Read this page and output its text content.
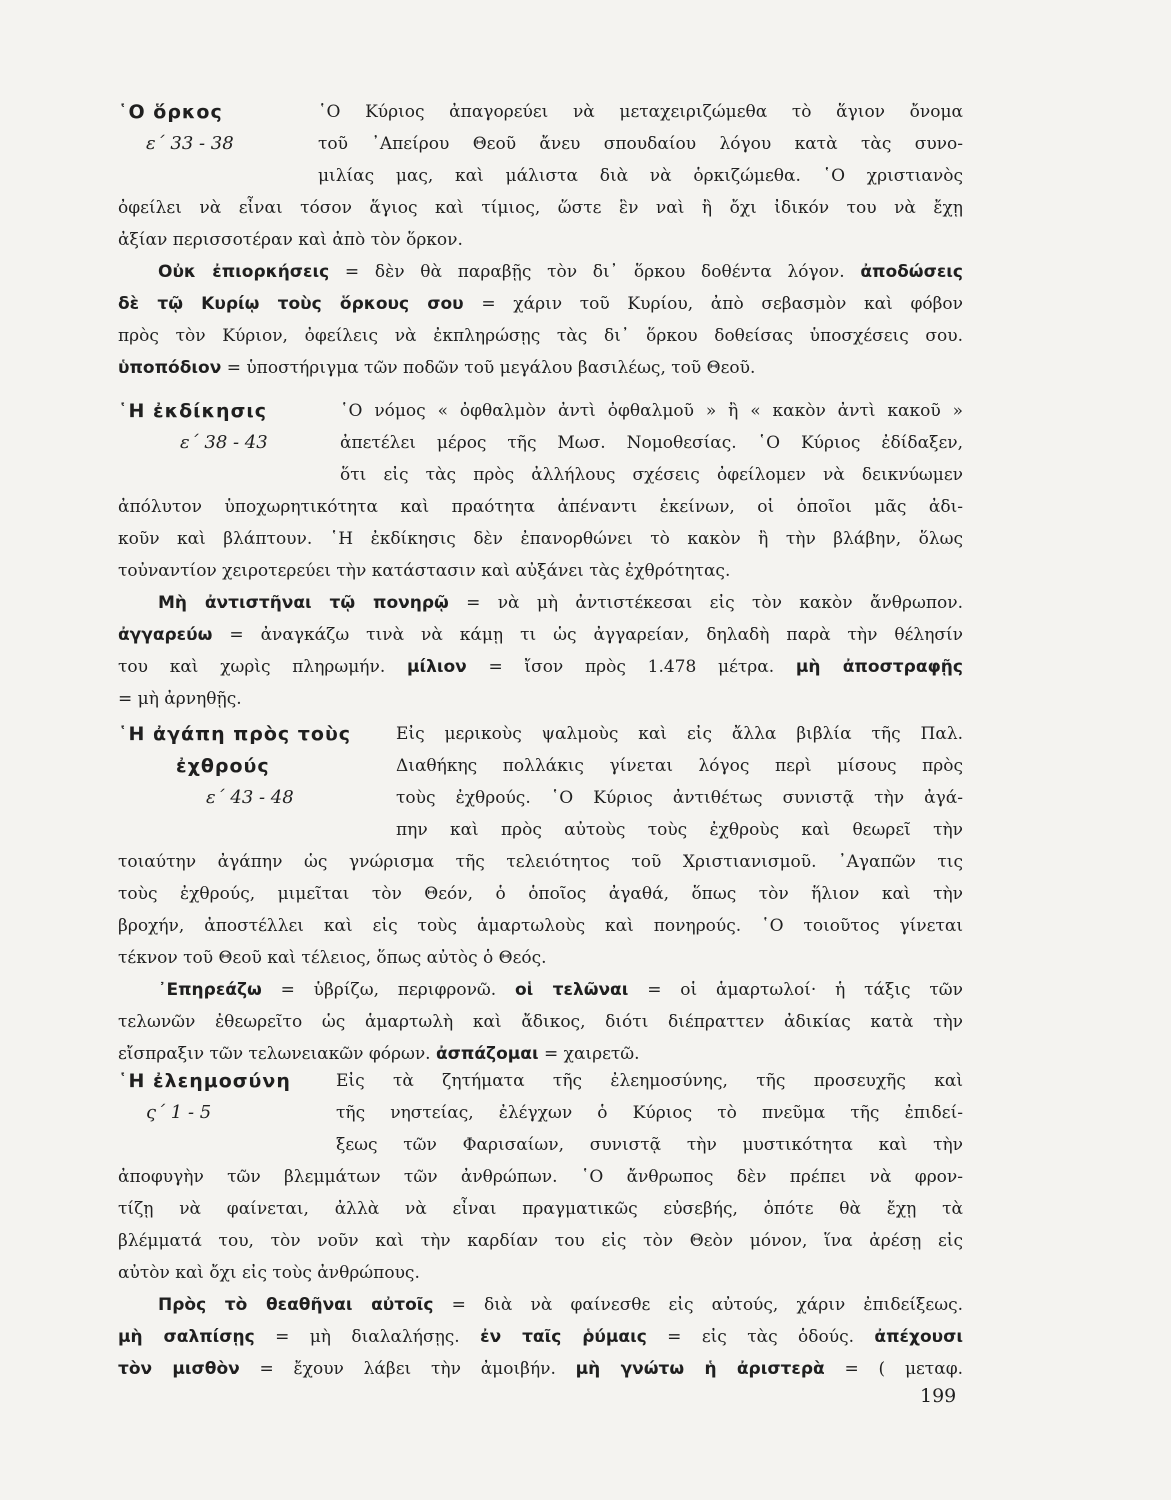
῾Ο ὅρκος
ε΄ 33 - 38
῾Ο Κύριος ἀπαγορεύει νὰ μεταχειριζώμεθα τὸ ἅγιον ὄνομα
τοῦ ᾽Απείρου Θεοῦ ἄνευ σπουδαίου λόγου κατὰ τὰς συνο-
μιλίας μας, καὶ μάλιστα διὰ νὰ ὁρκιζώμεθα. ῾Ο χριστιανὸς
ὀφείλει νὰ εἶναι τόσον ἅγιος καὶ τίμιος, ὥστε ἓν ναὶ ἢ ὄχι ἰδικόν του νὰ ἔχῃ
ἀξίαν περισσοτέραν καὶ ἀπὸ τὸν ὅρκον.
Οὐκ ἐπιορκήσεις = δὲν θὰ παραβῇς τὸν δι᾽ ὅρκου δοθέντα λόγον. ἀποδώσεις
δὲ τῷ Κυρίῳ τοὺς ὅρκους σου = χάριν τοῦ Κυρίου, ἀπὸ σεβασμὸν καὶ φόβον
πρὸς τὸν Κύριον, ὀφείλεις νὰ ἐκπληρώσῃς τὰς δι᾽ ὅρκου δοθείσας ὑποσχέσεις σου.
ὑποπόδιον = ὑποστήριγμα τῶν ποδῶν τοῦ μεγάλου βασιλέως, τοῦ Θεοῦ.
῾Η ἐκδίκησις
ε΄ 38 - 43
῾Ο νόμος « ὀφθαλμὸν ἀντὶ ὀφθαλμοῦ » ἢ « κακὸν ἀντὶ κακοῦ »
ἀπετέλει μέρος τῆς Μωσ. Νομοθεσίας. ῾Ο Κύριος ἐδίδαξεν,
ὅτι εἰς τὰς πρὸς ἀλλήλους σχέσεις ὀφείλομεν νὰ δεικνύωμεν
ἀπόλυτον ὑποχωρητικότητα καὶ πραότητα ἀπέναντι ἐκείνων, οἱ ὁποῖοι μᾶς ἀδι-
κοῦν καὶ βλάπτουν. ῾Η ἐκδίκησις δὲν ἐπανορθώνει τὸ κακὸν ἢ τὴν βλάβην, ὅλως
τοὐναντίον χειροτερεύει τὴν κατάστασιν καὶ αὐξάνει τὰς ἐχθρότητας.
Μὴ ἀντιστῆναι τῷ πονηρῷ = νὰ μὴ ἀντιστέκεσαι εἰς τὸν κακὸν ἄνθρωπον.
ἀγγαρεύω = ἀναγκάζω τινὰ νὰ κάμῃ τι ὡς ἀγγαρείαν, δηλαδὴ παρὰ τὴν θέλησίν
του καὶ χωρὶς πληρωμήν. μίλιον = ἴσον πρὸς 1.478 μέτρα. μὴ ἀποστραφῇς
= μὴ ἀρνηθῇς.
῾Η ἀγάπη πρὸς τοὺς
ἐχθρούς
ε΄ 43 - 48
Εἰς μερικοὺς ψαλμοὺς καὶ εἰς ἄλλα βιβλία τῆς Παλ.
Διαθήκης πολλάκις γίνεται λόγος περὶ μίσους πρὸς
τοὺς ἐχθρούς. ῾Ο Κύριος ἀντιθέτως συνιστᾷ τὴν ἀγά-
πην καὶ πρὸς αὐτοὺς τοὺς ἐχθροὺς καὶ θεωρεῖ τὴν
τοιαύτην ἀγάπην ὡς γνώρισμα τῆς τελειότητος τοῦ Χριστιανισμοῦ. ᾽Αγαπῶν τις
τοὺς ἐχθρούς, μιμεῖται τὸν Θεόν, ὁ ὁποῖος ἀγαθά, ὅπως τὸν ἥλιον καὶ τὴν
βροχήν, ἀποστέλλει καὶ εἰς τοὺς ἁμαρτωλοὺς καὶ πονηρούς. ῾Ο τοιοῦτος γίνεται
τέκνον τοῦ Θεοῦ καὶ τέλειος, ὅπως αὐτὸς ὁ Θεός.
᾽Επηρεάζω = ὑβρίζω, περιφρονῶ. οἱ τελῶναι = οἱ ἁμαρτωλοί· ἡ τάξις τῶν
τελωνῶν ἐθεωρεῖτο ὡς ἁμαρτωλὴ καὶ ἄδικος, διότι διέπραττεν ἀδικίας κατὰ τὴν
εἴσπραξιν τῶν τελωνειακῶν φόρων. ἀσπάζομαι = χαιρετῶ.
῾Η ἐλεημοσύνη
ς΄ 1 - 5
Εἰς τὰ ζητήματα τῆς ἐλεημοσύνης, τῆς προσευχῆς καὶ
τῆς νηστείας, ἐλέγχων ὁ Κύριος τὸ πνεῦμα τῆς ἐπιδεί-
ξεως τῶν Φαρισαίων, συνιστᾷ τὴν μυστικότητα καὶ τὴν
ἀποφυγὴν τῶν βλεμμάτων τῶν ἀνθρώπων. ῾Ο ἄνθρωπος δὲν πρέπει νὰ φρον-
τίζῃ νὰ φαίνεται, ἀλλὰ νὰ εἶναι πραγματικῶς εὐσεβής, ὁπότε θὰ ἔχῃ τὰ
βλέμματά του, τὸν νοῦν καὶ τὴν καρδίαν του εἰς τὸν Θεὸν μόνον, ἵνα ἀρέσῃ εἰς
αὐτὸν καὶ ὄχι εἰς τοὺς ἀνθρώπους.
Πρὸς τὸ θεαθῆναι αὐτοῖς = διὰ νὰ φαίνεσθε εἰς αὐτούς, χάριν ἐπιδείξεως.
μὴ σαλπίσῃς = μὴ διαλαλήσῃς. ἐν ταῖς ῥύμαις = εἰς τὰς ὁδούς. ἀπέχουσι
τὸν μισθὸν = ἔχουν λάβει τὴν ἀμοιβήν. μὴ γνώτω ἡ ἀριστερὰ = ( μεταφ.
199
